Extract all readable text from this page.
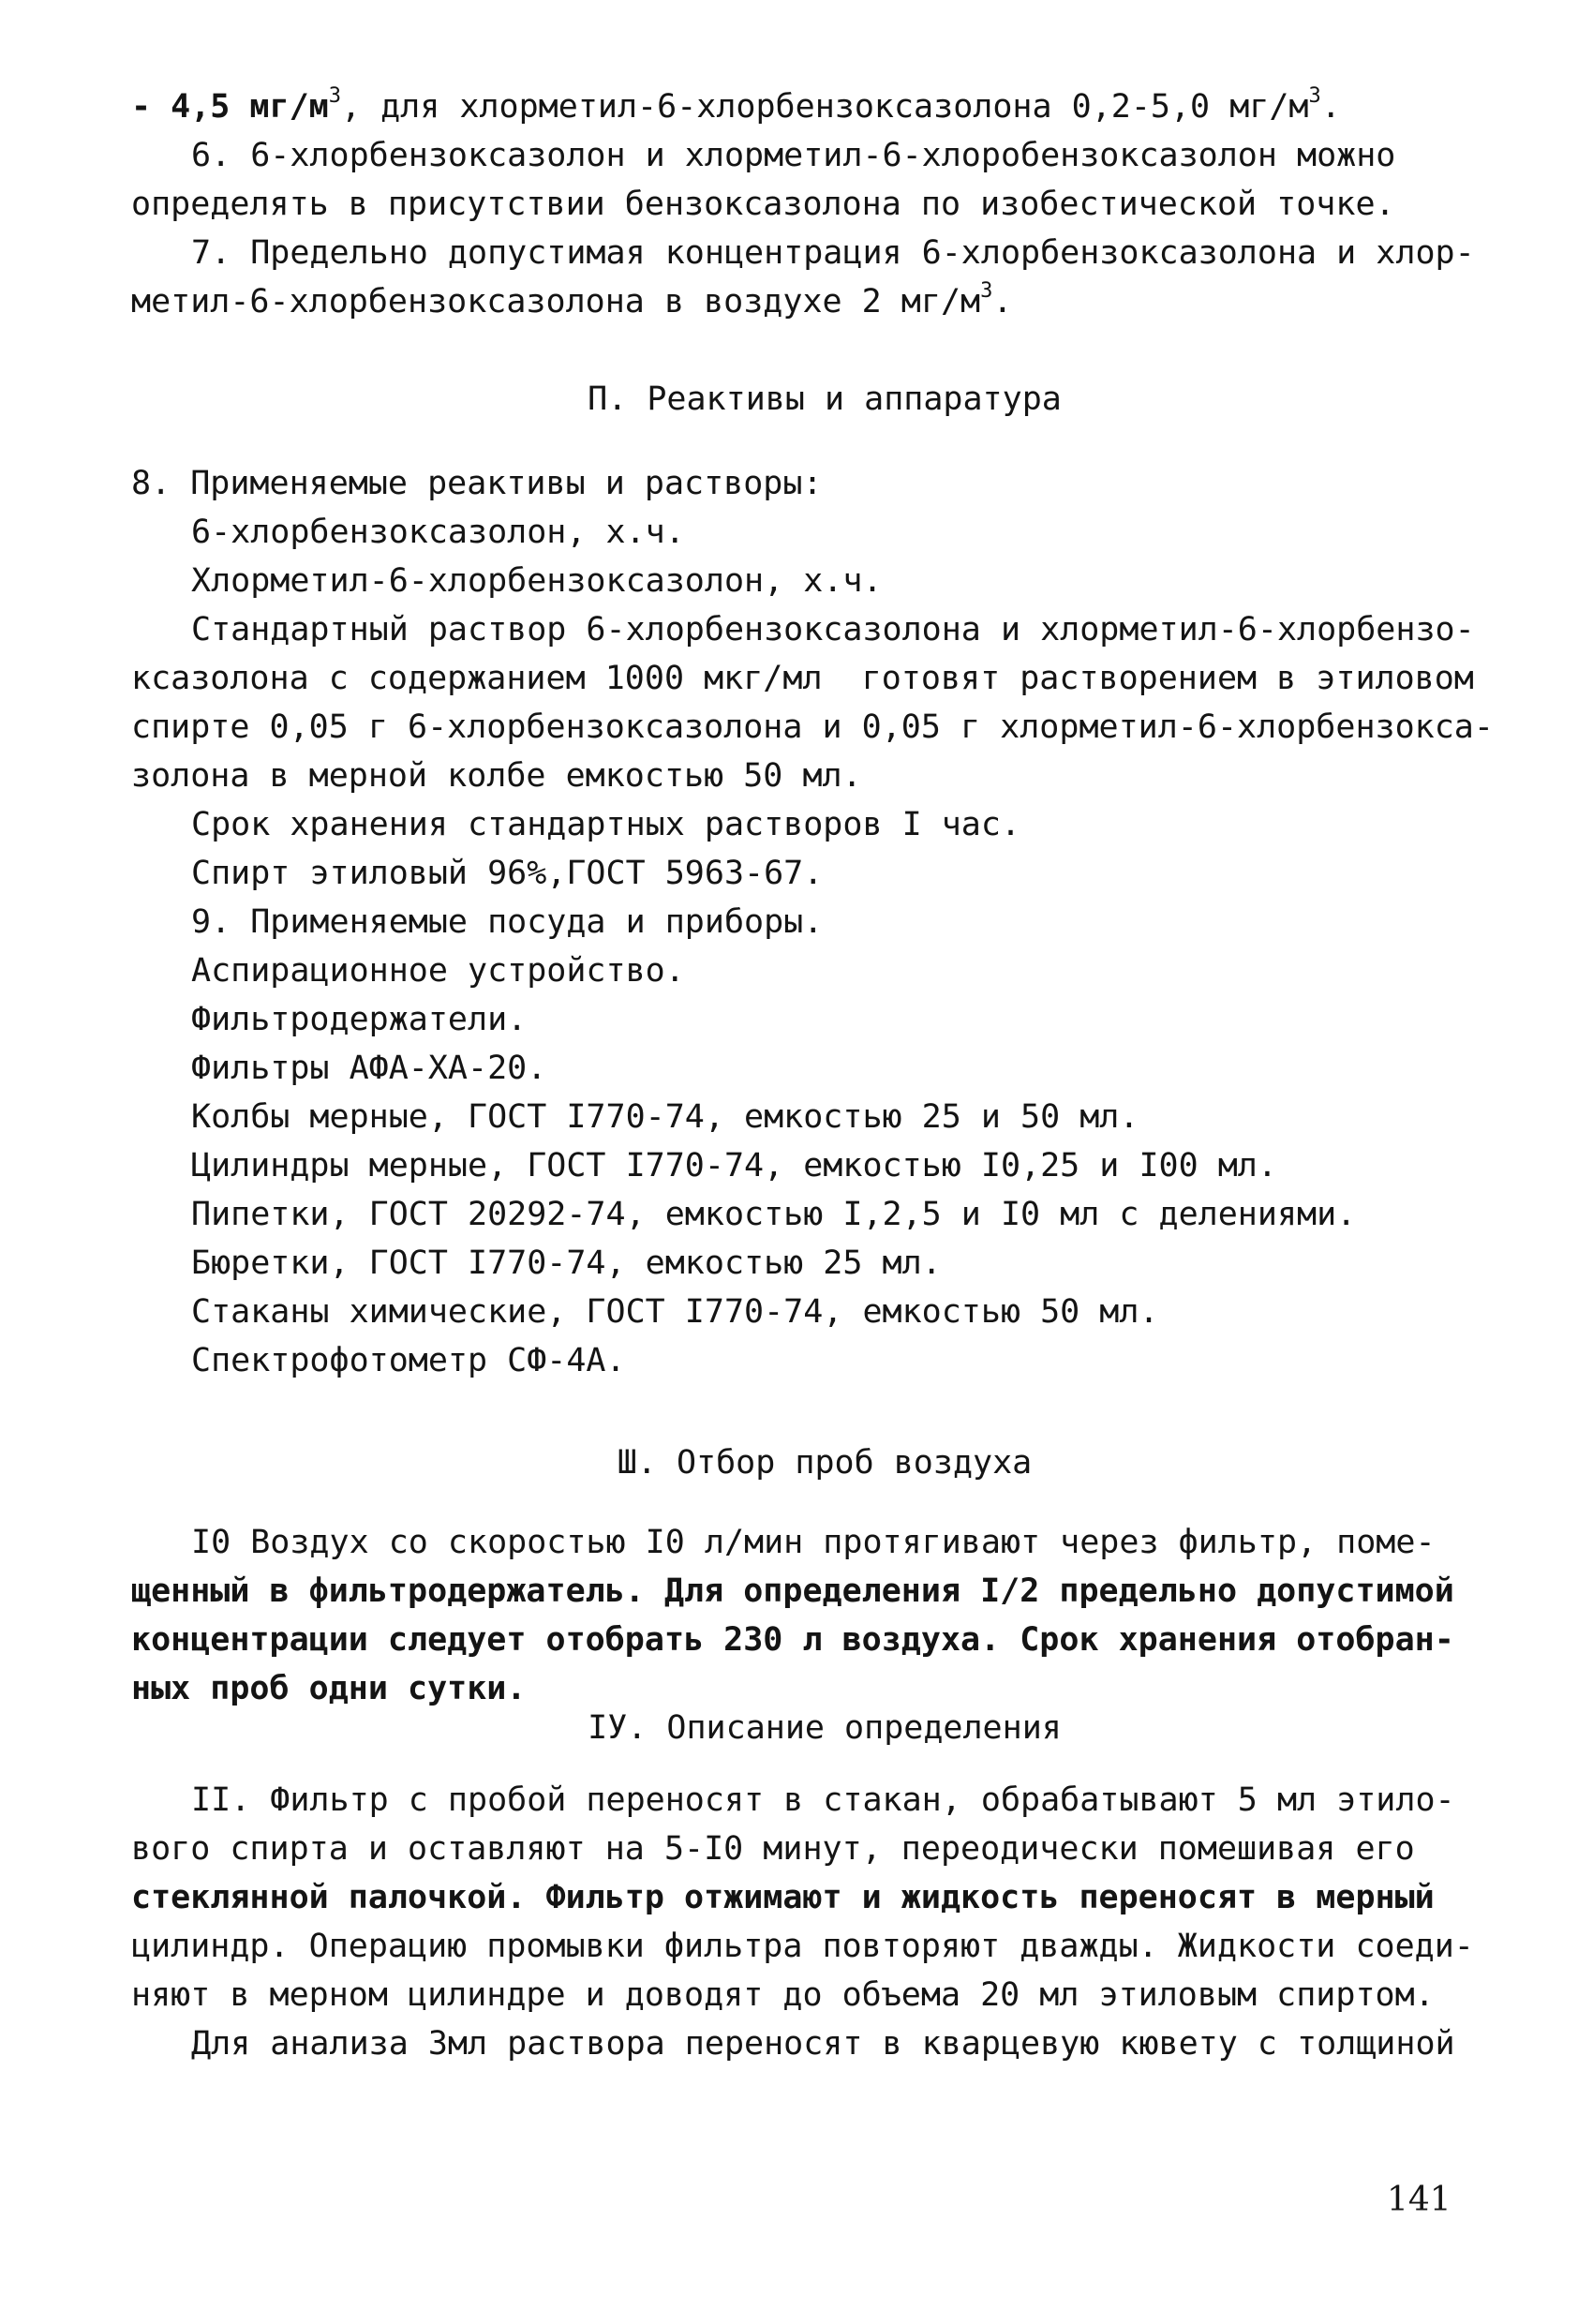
- 4,5 $мг/м^3$, для хлорметил-6-хлорбензоксазолона 0,2-5,0 $мг/м^3$.
6. 6-хлорбензоксазолон и хлорметил-6-хлоробензоксазолон можно
определять в присутствии бензоксазолона по изобестической точке.
7. Предельно допустимая концентрация 6-хлорбензоксазолона и хлор-
метил-6-хлорбензоксазолона в воздухе 2 $мг/м^3$.
П. Реактивы и аппаратура
8. Применяемые реактивы и растворы:
6-хлорбензоксазолон, х.ч.
Хлорметил-6-хлорбензоксазолон, х.ч.
Стандартный раствор 6-хлорбензоксазолона и хлорметил-6-хлорбензо-
ксазолона с содержанием 1000 мкг/мл  готовят растворением в этиловом
спирте 0,05 г 6-хлорбензоксазолона и 0,05 г хлорметил-6-хлорбензокса-
золона в мерной колбе емкостью 50 мл.
Срок хранения стандартных растворов I час.
Спирт этиловый 96%,ГОСТ 5963-67.
9. Применяемые посуда и приборы.
Аспирационное устройство.
Фильтродержатели.
Фильтры АФА-ХА-20.
Колбы мерные, ГОСТ I770-74, емкостью 25 и 50 мл.
Цилиндры мерные, ГОСТ I770-74, емкостью I0,25 и I00 мл.
Пипетки, ГОСТ 20292-74, емкостью I,2,5 и I0 мл с делениями.
Бюретки, ГОСТ I770-74, емкостью 25 мл.
Стаканы химические, ГОСТ I770-74, емкостью 50 мл.
Спектрофотометр СФ-4А.
Ш. Отбор проб воздуха
I0 Воздух со скоростью I0 л/мин протягивают через фильтр, поме-
щенный в фильтродержатель. Для определения I/2 предельно допустимой
концентрации следует отобрать 230 л воздуха. Срок хранения отобран-
ных проб одни сутки.
IУ. Описание определения
II. Фильтр с пробой переносят в стакан, обрабатывают 5 мл этило-
вого спирта и оставляют на 5-I0 минут, переодически помешивая его
стеклянной палочкой. Фильтр отжимают и жидкость переносят в мерный
цилиндр. Операцию промывки фильтра повторяют дважды. Жидкости соеди-
няют в мерном цилиндре и доводят до объема 20 мл этиловым спиртом.
Для анализа 3мл раствора переносят в кварцевую кювету с толщиной
141
